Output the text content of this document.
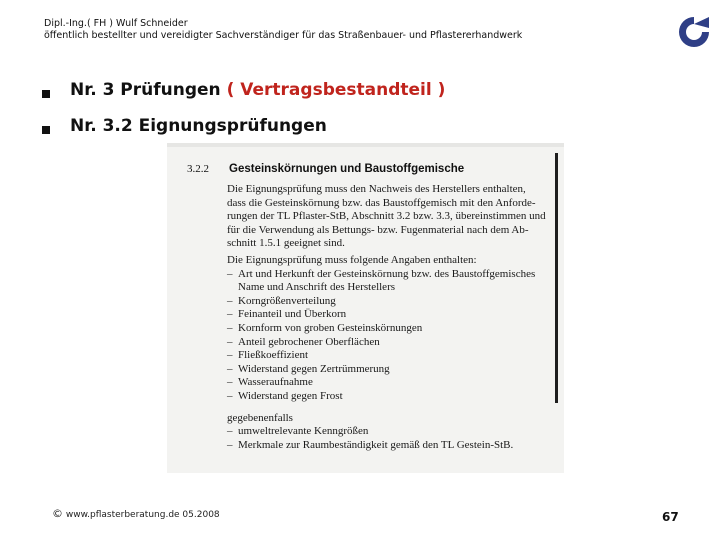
Dipl.-Ing.( FH ) Wulf Schneider
öffentlich bestellter und vereidigter Sachverständiger für das Straßenbauer- und Pflastererhandwerk
Nr. 3 Prüfungen ( Vertragsbestandteil )
Nr. 3.2 Eignungsprüfungen
3.2.2 Gesteinskörnungen und Baustoffgemische

Die Eignungsprüfung muss den Nachweis des Herstellers enthalten,

dass die Gesteinskörnung bzw. das Baustoffgemisch mit den Anforde-

rungen der TL Pflaster-StB, Abschnitt 3.2 bzw. 3.3, übereinstimmen und

für die Verwendung als Bettungs- bzw. Fugenmaterial nach dem Ab-

schnitt 1.5.1 geeignet sind.

Die Eignungsprüfung muss folgende Angaben enthalten:

– Art und Herkunft der Gesteinskörnung bzw. des Baustoffgemisches
Name und Anschrift des Herstellers
– Korngrößenverteilung
– Feinanteil und Überkorn
– Kornform von groben Gesteinskörnungen
– Anteil gebrochener Oberflächen
– Fließkoeffizient
– Widerstand gegen Zertrümmerung
– Wasseraufnahme
– Widerstand gegen Frost

gegebenenfalls

– umweltrelevante Kenngrößen
– Merkmale zur Raumbeständigkeit gemäß den TL Gestein-StB.
© www.pflasterberatung.de 05.2008	67
